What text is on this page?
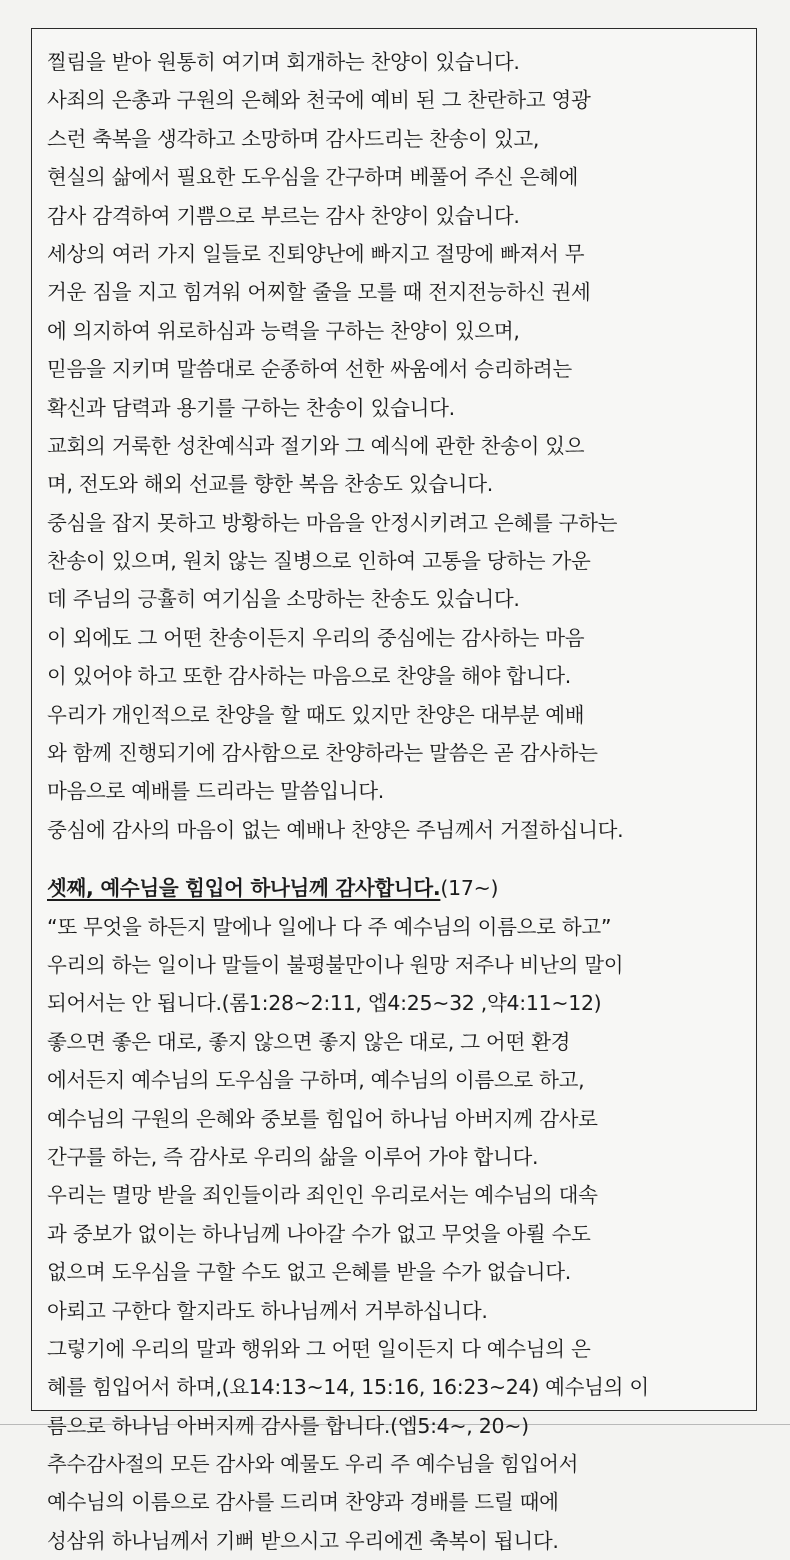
찔림을 받아 원통히 여기며 회개하는 찬양이 있습니다.

사죄의 은총과 구원의 은혜와 천국에 예비 된 그 찬란하고 영광

스런 축복을 생각하고 소망하며 감사드리는 찬송이 있고,

현실의 삶에서 필요한 도우심을 간구하며 베풀어 주신 은혜에

감사 감격하여 기쁨으로 부르는 감사 찬양이 있습니다.

세상의 여러 가지 일들로 진퇴양난에 빠지고 절망에 빠져서 무

거운 짐을 지고 힘겨워 어찌할 줄을 모를 때 전지전능하신 권세

에 의지하여 위로하심과 능력을 구하는 찬양이 있으며,

믿음을 지키며 말씀대로 순종하여 선한 싸움에서 승리하려는

확신과 담력과 용기를 구하는 찬송이 있습니다.

교회의 거룩한 성찬예식과 절기와 그 예식에 관한 찬송이 있으

며, 전도와 해외 선교를 향한 복음 찬송도 있습니다.

중심을 잡지 못하고 방황하는 마음을 안정시키려고 은혜를 구하는

찬송이 있으며, 원치 않는 질병으로 인하여 고통을 당하는 가운

데 주님의 긍휼히 여기심을 소망하는 찬송도 있습니다.

이 외에도 그 어떤 찬송이든지 우리의 중심에는 감사하는 마음

이 있어야 하고 또한 감사하는 마음으로 찬양을 해야 합니다.

우리가 개인적으로 찬양을 할 때도 있지만 찬양은 대부분 예배

와 함께 진행되기에 감사함으로 찬양하라는 말씀은 곧 감사하는

마음으로 예배를 드리라는 말씀입니다.

중심에 감사의 마음이 없는 예배나 찬양은 주님께서 거절하십니다.

셋째, 예수님을 힘입어 하나님께 감사합니다.(17~)

“또 무엇을 하든지 말에나 일에나 다 주 예수님의 이름으로 하고”

우리의 하는 일이나 말들이 불평불만이나 원망 저주나 비난의 말이

되어서는 안 됩니다.(롬1:28~2:11, 엡4:25~32 ,약4:11~12)

좋으면 좋은 대로, 좋지 않으면 좋지 않은 대로, 그 어떤 환경

에서든지 예수님의 도우심을 구하며, 예수님의 이름으로 하고,

예수님의 구원의 은혜와 중보를 힘입어 하나님 아버지께 감사로

간구를 하는, 즉 감사로 우리의 삶을 이루어 가야 합니다.

우리는 멸망 받을 죄인들이라 죄인인 우리로서는 예수님의 대속

과 중보가 없이는 하나님께 나아갈 수가 없고 무엇을 아뢸 수도

없으며 도우심을 구할 수도 없고 은혜를 받을 수가 없습니다.

아뢰고 구한다 할지라도 하나님께서 거부하십니다.

그렇기에 우리의 말과 행위와 그 어떤 일이든지 다 예수님의 은

혜를 힘입어서 하며,(요14:13~14, 15:16, 16:23~24) 예수님의 이

름으로 하나님 아버지께 감사를 합니다.(엡5:4~, 20~)

추수감사절의 모든 감사와 예물도 우리 주 예수님을 힘입어서

예수님의 이름으로 감사를 드리며 찬양과 경배를 드릴 때에

성삼위 하나님께서 기뻐 받으시고 우리에겐 축복이 됩니다.
